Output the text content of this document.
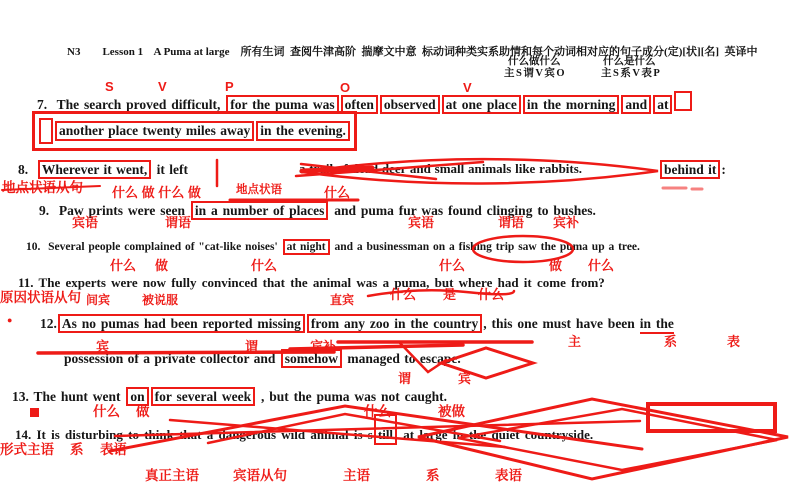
N3        Lesson 1    A Puma at large    所有生词  查阅牛津高阶  揣摩文中意  标动词种类实系助情和每个动词相对应的句子成分(定)[状][名]  英译中
什么做什么	什么是什么
主S谓V宾O	主S系V表P
7.  The search proved difficult, for the puma was often observed at one place in the morning and at
another place twenty miles away in the evening.
8.  Wherever it went, it left	a trail of dead deer and small animals like rabbits.	behind it :
9.  Paw prints were seen in a number of places and puma fur was found clinging to bushes.
10.  Several people complained of "cat-like noises' at night and a businessman on a fishing trip saw the puma up a tree.
11. The experts were now fully convinced that the animal was a puma, but where had it come from?
12. As no pumas had been reported missing from any zoo in the country , this one must have been in the
possession of a private collector and somehow managed to escape.
13. The hunt went on for several week , but the puma was not caught.
14. It is disturbing to think that a dangerous wild animal is s till at large in the quiet countryside.
S	V	P	O	V
地点状语从句 什么 做 什么 做	地点状语	什么
宾语	谓语	宾语	谓语 宾补
什么 做	什么	什么	做 什么
原因状语从句 间宾	被说服	直宾	什么 是 什么
●
主	系	表
宾	谓	宾补
谓	宾
什么 做	什么	被做
形式主语 系 表语
真正主语	宾语从句	主语	系	表语
